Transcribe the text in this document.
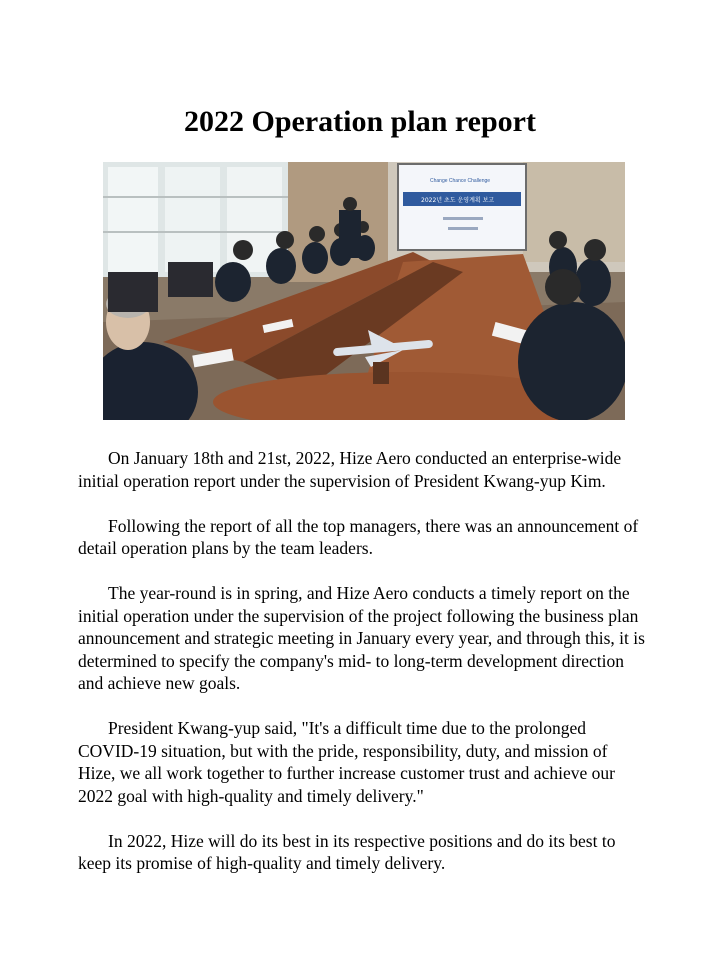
2022 Operation plan report
Change Chance Challenge
2022년 초도 운영계획 보고

On January 18th and 21st, 2022, Hize Aero conducted an enterprise-wide initial operation report under the supervision of President Kwang-yup Kim.

Following the report of all the top managers, there was an announcement of detail operation plans by the team leaders.

The year-round is in spring, and Hize Aero conducts a timely report on the initial operation under the supervision of the project following the business plan announcement and strategic meeting in January every year, and through this, it is determined to specify the company's mid- to long-term development direction and achieve new goals.

President Kwang-yup said, "It's a difficult time due to the prolonged COVID-19 situation, but with the pride, responsibility, duty, and mission of Hize, we all work together to further increase customer trust and achieve our 2022 goal with high-quality and timely delivery."

In 2022, Hize will do its best in its respective positions and do its best to keep its promise of high-quality and timely delivery.
